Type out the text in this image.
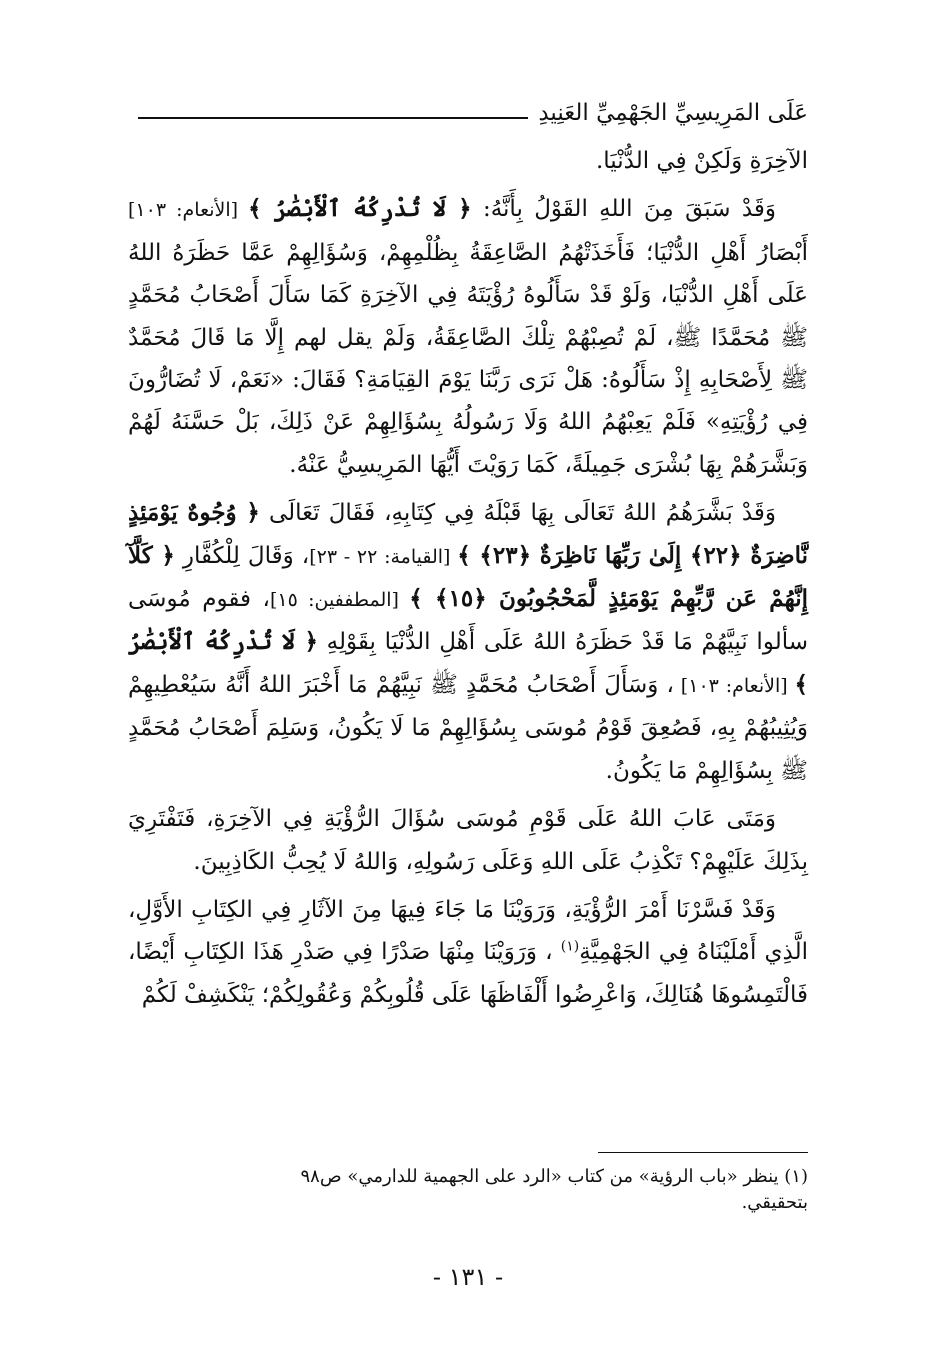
عَلَى المَرِيسِيِّ الجَهْمِيِّ العَنِيدِ

الآخِرَةِ وَلَكِنْ فِي الدُّنْيَا.

وَقَدْ سَبَقَ مِنَ اللهِ القَوْلُ بِأَنَّهُ: ﴿ لَا تُدْرِكُهُ ٱلْأَبْصَٰرُ ﴾ [الأنعام: ١٠٣] أَبْصَارُ أَهْلِ الدُّنْيَا؛ فَأَخَذَتْهُمُ الصَّاعِقَةُ بِظُلْمِهِمْ، وَسُؤَالِهِمْ عَمَّا حَظَرَهُ اللهُ عَلَى أَهْلِ الدُّنْيَا، وَلَوْ قَدْ سَأَلُوهُ رُؤْيَتَهُ فِي الآخِرَةِ كَمَا سَأَلَ أَصْحَابُ مُحَمَّدٍ ﷺ مُحَمَّدًا ﷺ، لَمْ تُصِبْهُمْ تِلْكَ الصَّاعِقَةُ، وَلَمْ يقل لهم إِلَّا مَا قَالَ مُحَمَّدٌ ﷺ لِأَصْحَابِهِ إِذْ سَأَلُوهُ: هَلْ نَرَى رَبَّنَا يَوْمَ القِيَامَةِ؟ فَقَالَ: «نَعَمْ، لَا تُضَارُّونَ فِي رُؤْيَتِهِ» فَلَمْ يَعِبْهُمُ اللهُ وَلَا رَسُولُهُ بِسُؤَالِهِمْ عَنْ ذَلِكَ، بَلْ حَسَّنَهُ لَهُمْ وَبَشَّرَهُمْ بِهَا بُشْرَى جَمِيلَةً، كَمَا رَوَيْتَ أَيُّهَا المَرِيسِيُّ عَنْهُ.

وَقَدْ بَشَّرَهُمُ اللهُ تَعَالَى بِهَا قَبْلَهُ فِي كِتَابِهِ، فَقَالَ تَعَالَى ﴿ وُجُوهٌ يَوْمَئِذٍ نَّاضِرَةٌ ﴿٢٢﴾ إِلَىٰ رَبِّهَا نَاظِرَةٌ ﴿٢٣﴾ ﴾ [القيامة: ٢٢ - ٢٣]، وَقَالَ لِلْكُفَّارِ ﴿ كَلَّآ إِنَّهُمْ عَن رَّبِّهِمْ يَوْمَئِذٍ لَّمَحْجُوبُونَ ﴿١٥﴾ ﴾ [المطففين: ١٥]، فقوم مُوسَى سألوا نَبِيَّهُمْ مَا قَدْ حَظَرَهُ اللهُ عَلَى أَهْلِ الدُّنْيَا بِقَوْلِهِ ﴿ لَا تُدْرِكُهُ ٱلْأَبْصَٰرُ ﴾ [الأنعام: ١٠٣] ، وَسَأَلَ أَصْحَابُ مُحَمَّدٍ ﷺ نَبِيَّهُمْ مَا أَخْبَرَ اللهُ أَنَّهُ سَيُعْطِيهِمْ وَيُثِيبُهُمْ بِهِ، فَصُعِقَ قَوْمُ مُوسَى بِسُؤَالِهِمْ مَا لَا يَكُونُ، وَسَلِمَ أَصْحَابُ مُحَمَّدٍ ﷺ بِسُؤَالِهِمْ مَا يَكُونُ.

وَمَتَى عَابَ اللهُ عَلَى قَوْمِ مُوسَى سُؤَالَ الرُّؤْيَةِ فِي الآخِرَةِ، فَتَفْتَرِيَ بِذَلِكَ عَلَيْهِمْ؟ تَكْذِبُ عَلَى اللهِ وَعَلَى رَسُولِهِ، وَاللهُ لَا يُحِبُّ الكَاذِبِينَ.

وَقَدْ فَسَّرْنَا أَمْرَ الرُّؤْيَةِ، وَرَوَيْنَا مَا جَاءَ فِيهَا مِنَ الآثَارِ فِي الكِتَابِ الأَوَّلِ، الَّذِي أَمْلَيْنَاهُ فِي الجَهْمِيَّةِ$^{(١)}$ ، وَرَوَيْنَا مِنْهَا صَدْرًا فِي صَدْرِ هَذَا الكِتَابِ أَيْضًا، فَالْتَمِسُوهَا هُنَالِكَ، وَاعْرِضُوا أَلْفَاظَهَا عَلَى قُلُوبِكُمْ وَعُقُولِكُمْ؛ يَنْكَشِفْ لَكُمْ

(١) ينظر «باب الرؤية» من كتاب «الرد على الجهمية للدارمي» ص٩٨ بتحقيقي.
- ١٣١ -
